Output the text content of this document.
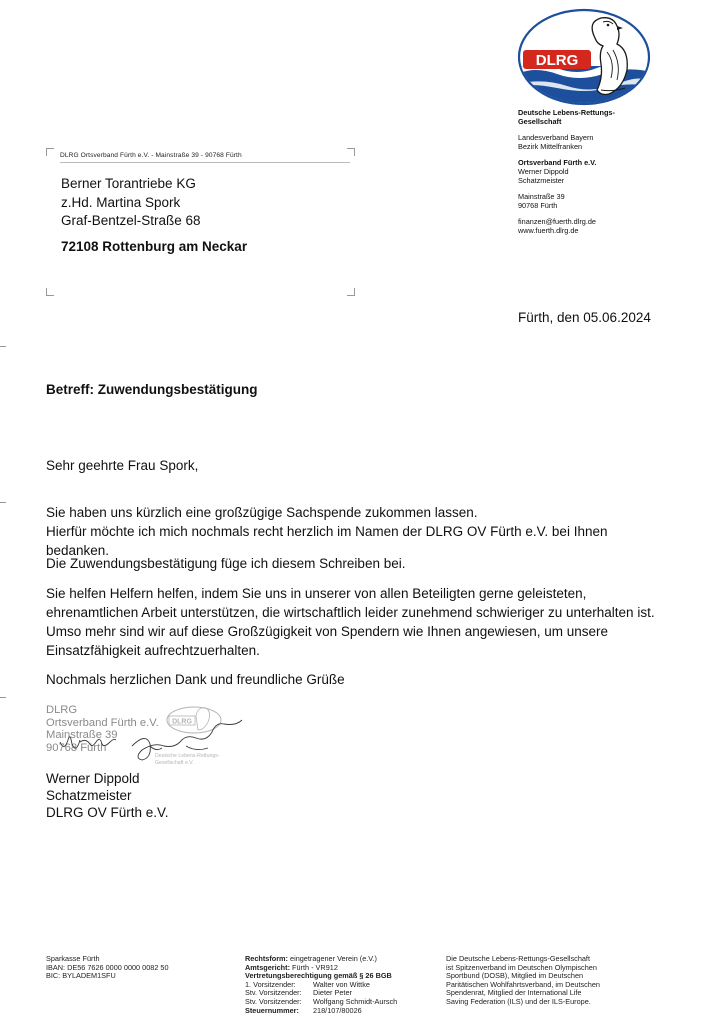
DLRG
Deutsche Lebens-Rettungs-
Gesellschaft
Landesverband Bayern
Bezirk Mittelfranken
Ortsverband Fürth e.V.
Werner Dippold
Schatzmeister
Mainstraße 39
90768 Fürth
finanzen@fuerth.dlrg.de
www.fuerth.dlrg.de
DLRG Ortsverband Fürth e.V. - Mainstraße 39 - 90768 Fürth
Berner Torantriebe KG
z.Hd. Martina Spork
Graf-Bentzel-Straße 68
72108 Rottenburg am Neckar
Fürth, den 05.06.2024
Betreff: Zuwendungsbestätigung
Sehr geehrte Frau Spork,
Sie haben uns kürzlich eine großzügige Sachspende zukommen lassen.
Hierfür möchte ich mich nochmals recht herzlich im Namen der DLRG OV Fürth e.V. bei Ihnen bedanken.
Die Zuwendungsbestätigung füge ich diesem Schreiben bei.
Sie helfen Helfern helfen, indem Sie uns in unserer von allen Beteiligten gerne geleisteten, ehrenamtlichen Arbeit unterstützen, die wirtschaftlich leider zunehmend schwieriger zu unterhalten ist. Umso mehr sind wir auf diese Großzügigkeit von Spendern wie Ihnen angewiesen, um unsere Einsatzfähigkeit aufrechtzuerhalten.
Nochmals herzlichen Dank und freundliche Grüße
DLRG
Ortsverband Fürth e.V.
Mainstraße 39
90768 Fürth
DLRG
Deutsche Lebens-Rettungs-
Gesellschaft e.V.
Werner Dippold
Schatzmeister
DLRG OV Fürth e.V.
Sparkasse Fürth
IBAN: DE56 7626 0000 0000 0082 50
BIC: BYLADEM1SFU
Rechtsform: eingetragener Verein (e.V.)
Amtsgericht: Fürth - VR912
Vertretungsberechtigung gemäß § 26 BGB
1. Vorsitzender: Walter von Wittke
Stv. Vorsitzender: Dieter Peter
Stv. Vorsitzender: Wolfgang Schmidt-Aursch
Steuernummer: 218/107/80026
Die Deutsche Lebens-Rettungs-Gesellschaft
ist Spitzenverband im Deutschen Olympischen
Sportbund (DOSB), Mitglied im Deutschen
Paritätischen Wohlfahrtsverband, im Deutschen
Spendenrat, Mitglied der International Life
Saving Federation (ILS) und der ILS-Europe.
